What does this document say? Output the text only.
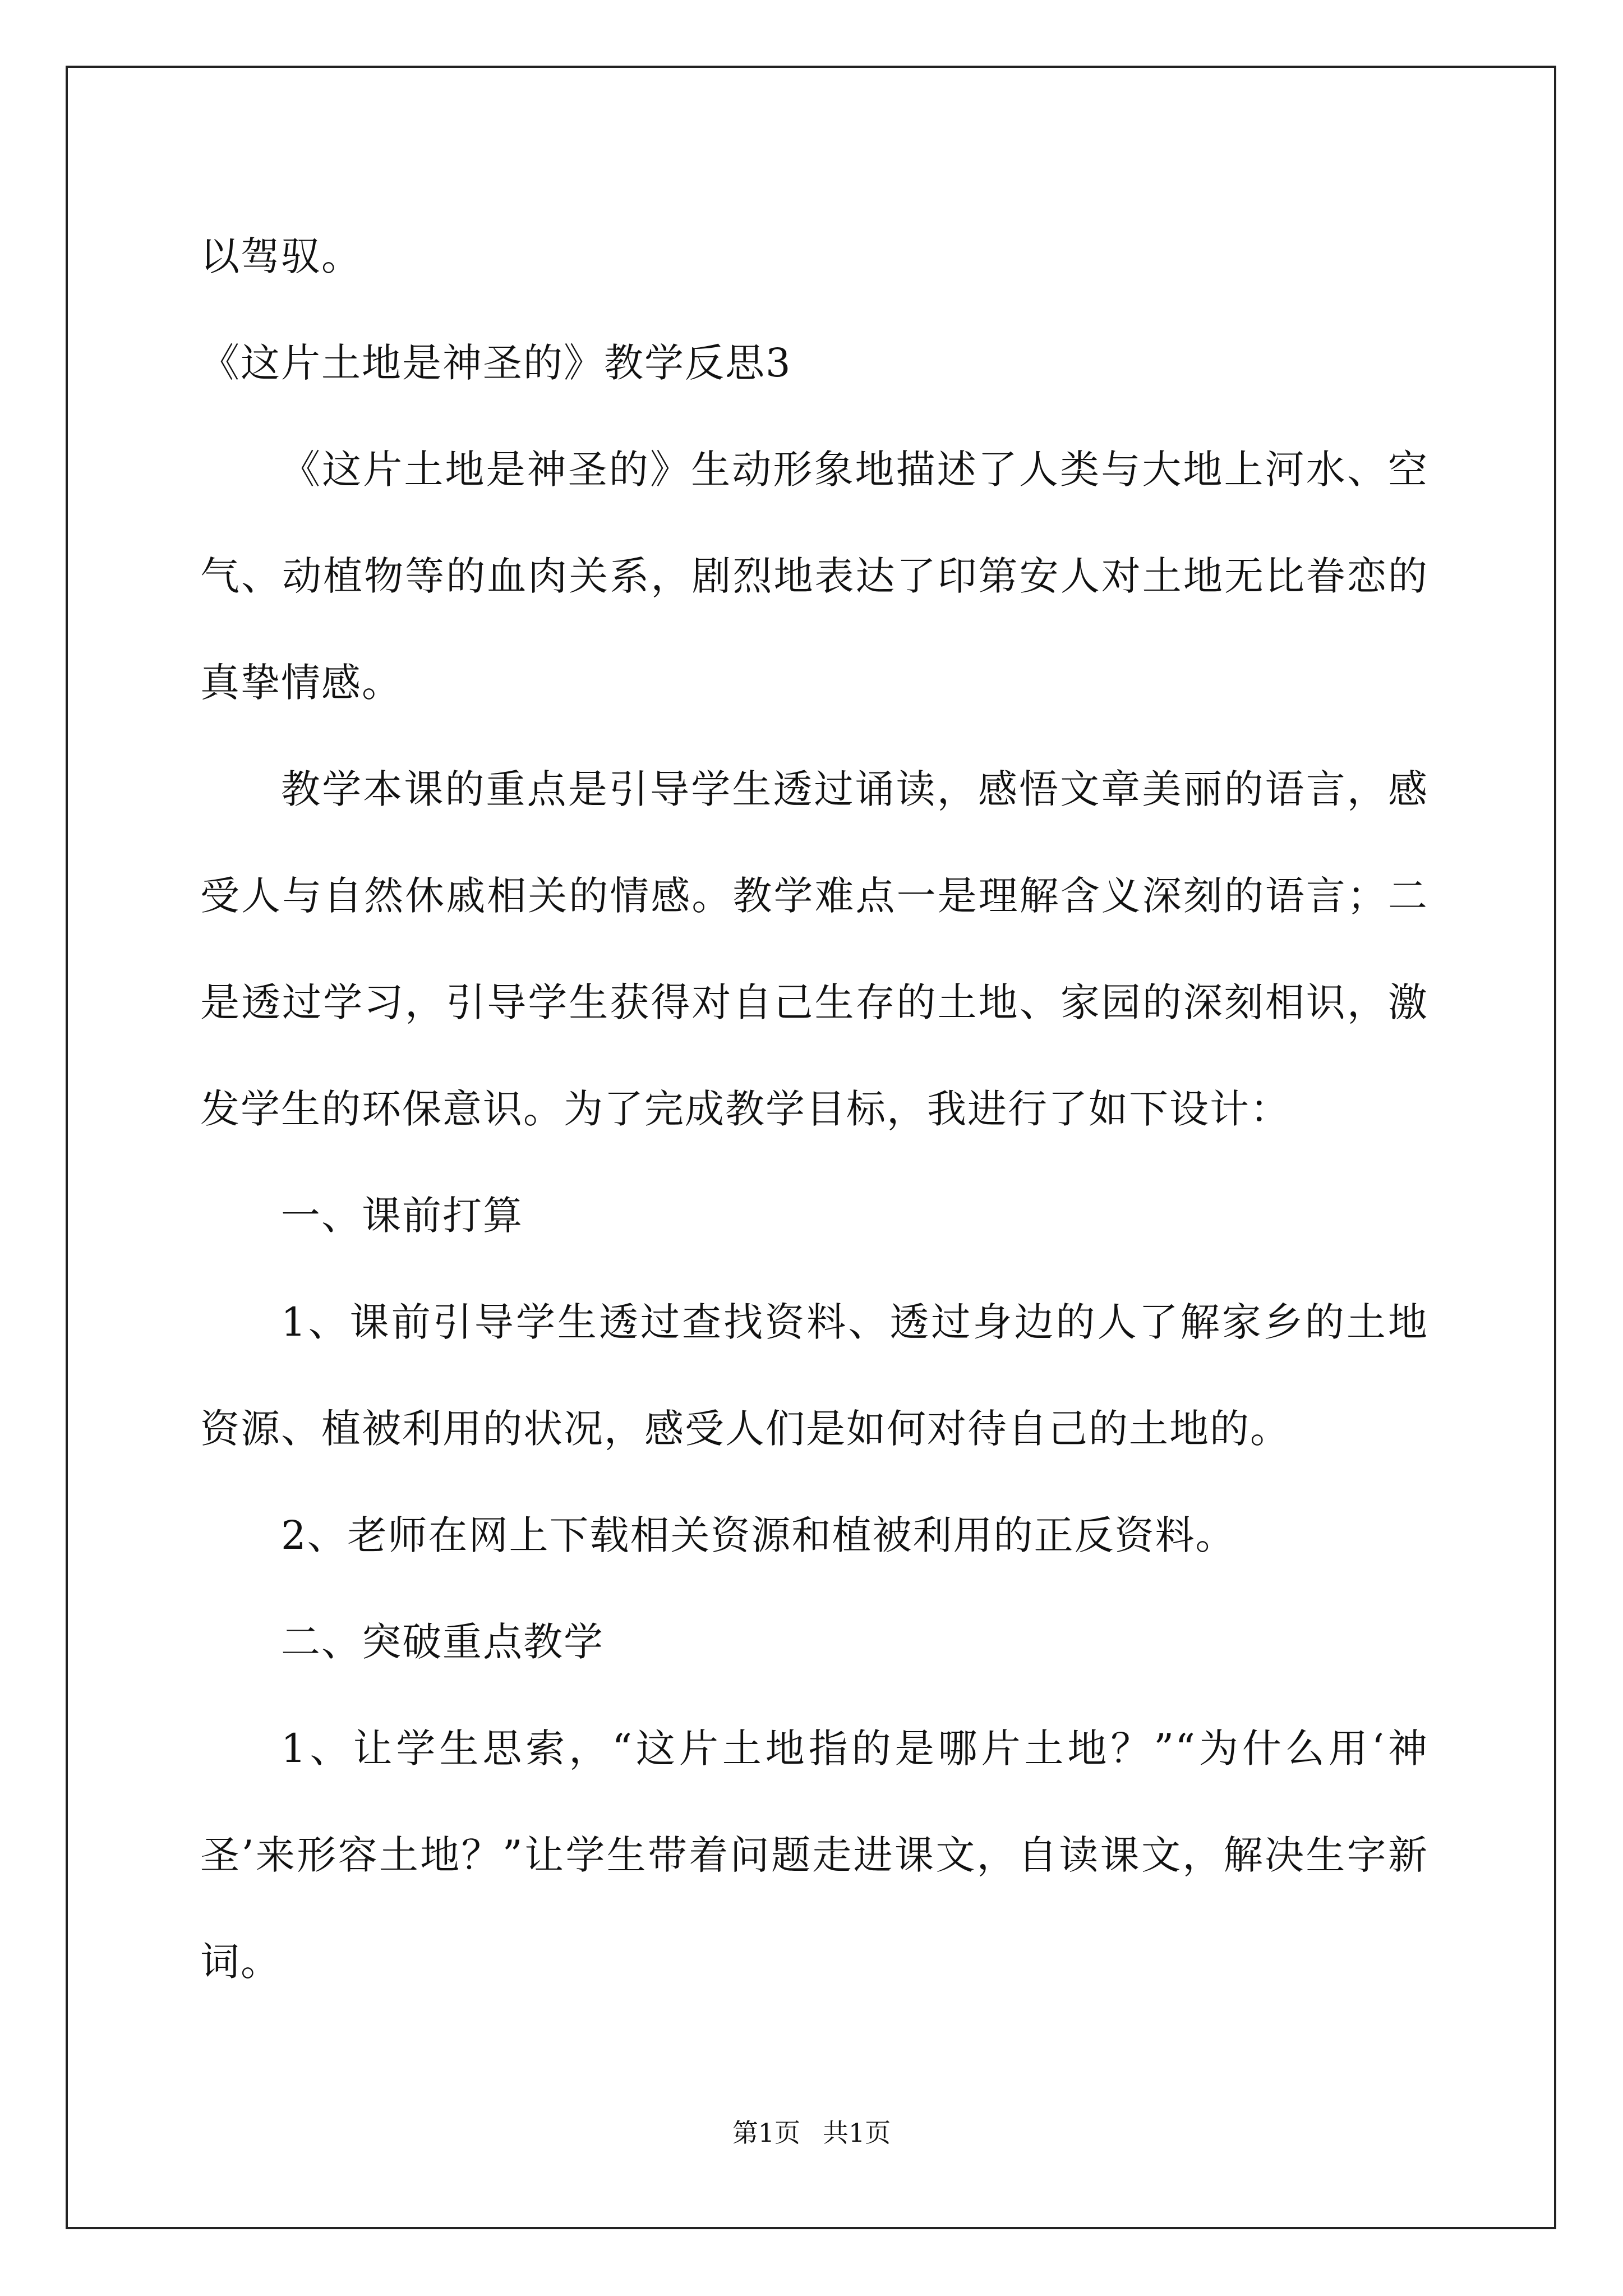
以驾驭。

《这片土地是神圣的》教学反思3

《这片土地是神圣的》生动形象地描述了人类与大地上河水、空气、动植物等的血肉关系，剧烈地表达了印第安人对土地无比眷恋的真挚情感。

教学本课的重点是引导学生透过诵读，感悟文章美丽的语言，感受人与自然休戚相关的情感。教学难点一是理解含义深刻的语言；二是透过学习，引导学生获得对自己生存的土地、家园的深刻相识，激发学生的环保意识。为了完成教学目标，我进行了如下设计：

一、课前打算

1、课前引导学生透过查找资料、透过身边的人了解家乡的土地资源、植被利用的状况，感受人们是如何对待自己的土地的。

2、老师在网上下载相关资源和植被利用的正反资料。

二、突破重点教学

1、让学生思索，“这片土地指的是哪片土地？”“为什么用‘神圣’来形容土地？”让学生带着问题走进课文，自读课文，解决生字新词。

第1页 共1页
